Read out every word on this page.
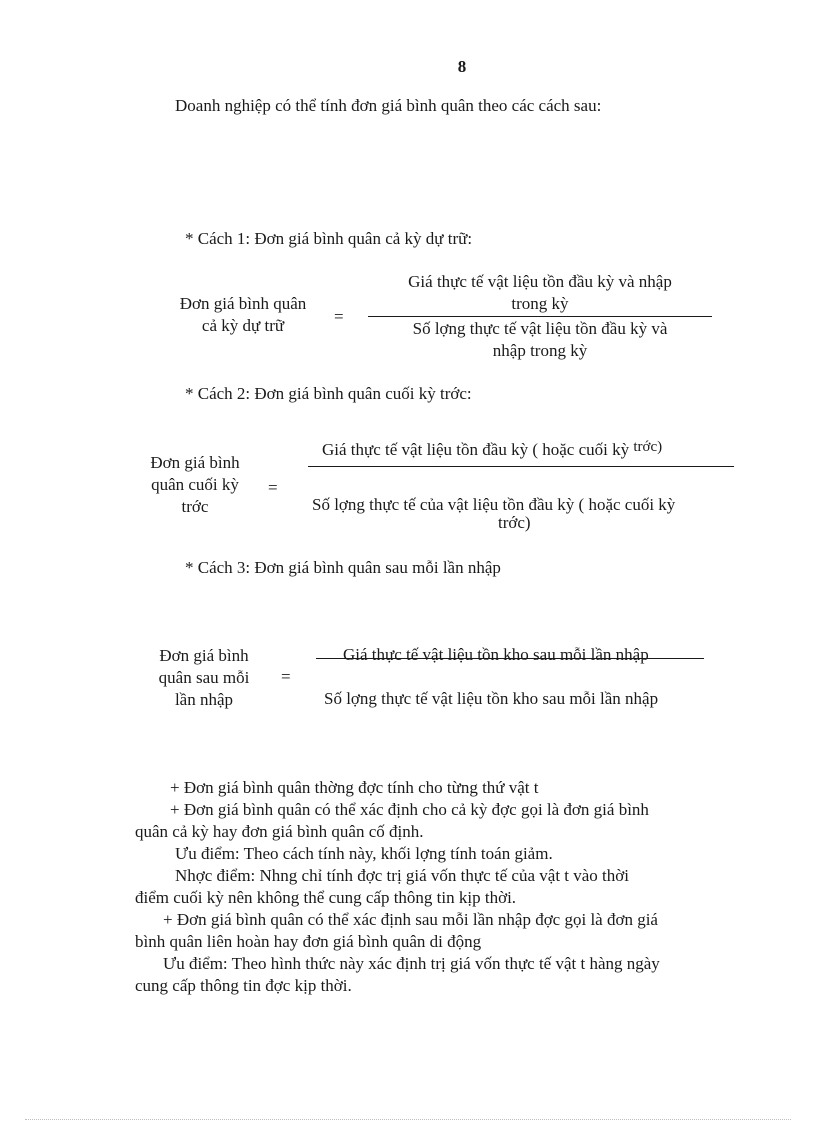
8
Doanh nghiệp có thể tính đơn giá bình quân theo các cách sau:
* Cách 1: Đơn giá bình quân cả kỳ dự trữ:
Đơn giá bình quân
cả kỳ dự trữ	=
Giá thực tế vật liệu tồn đầu kỳ và nhập
trong kỳ
Số lợng thực tế vật liệu tồn đầu kỳ và
nhập trong kỳ
* Cách 2: Đơn giá bình quân cuối kỳ trớc:
Đơn giá bình
quân cuối kỳ
trớc
=
Giá thực tế vật liệu tồn đầu kỳ ( hoặc cuối kỳ trớc)
Số lợng thực tế của vật liệu tồn đầu kỳ ( hoặc cuối kỳ
trớc)
* Cách 3: Đơn giá bình quân sau mỗi lần nhập
Đơn giá bình
quân sau mỗi
lần nhập
=
Giá thực tế vật liệu tồn kho sau mỗi lần nhập
Số lợng thực tế vật liệu tồn kho sau mỗi lần nhập
+ Đơn giá bình quân thờng đợc tính cho từng thứ vật t
+ Đơn giá bình quân có thể xác định cho cả kỳ đợc gọi là đơn giá bình
quân cả kỳ hay đơn giá bình quân cố định.
Ưu điểm: Theo cách tính này, khối lợng tính toán giảm.
Nhợc điểm: Nhng chỉ tính đợc trị giá vốn thực tế của vật t vào thời
điểm cuối kỳ nên không thể cung cấp thông tin kịp thời.
+ Đơn giá bình quân có thể xác định sau mỗi lần nhập đợc gọi là đơn giá
bình quân liên hoàn hay đơn giá bình quân di động
Ưu điểm: Theo hình thức này xác định trị giá vốn thực tế vật t hàng ngày
cung cấp thông tin đợc kịp thời.
